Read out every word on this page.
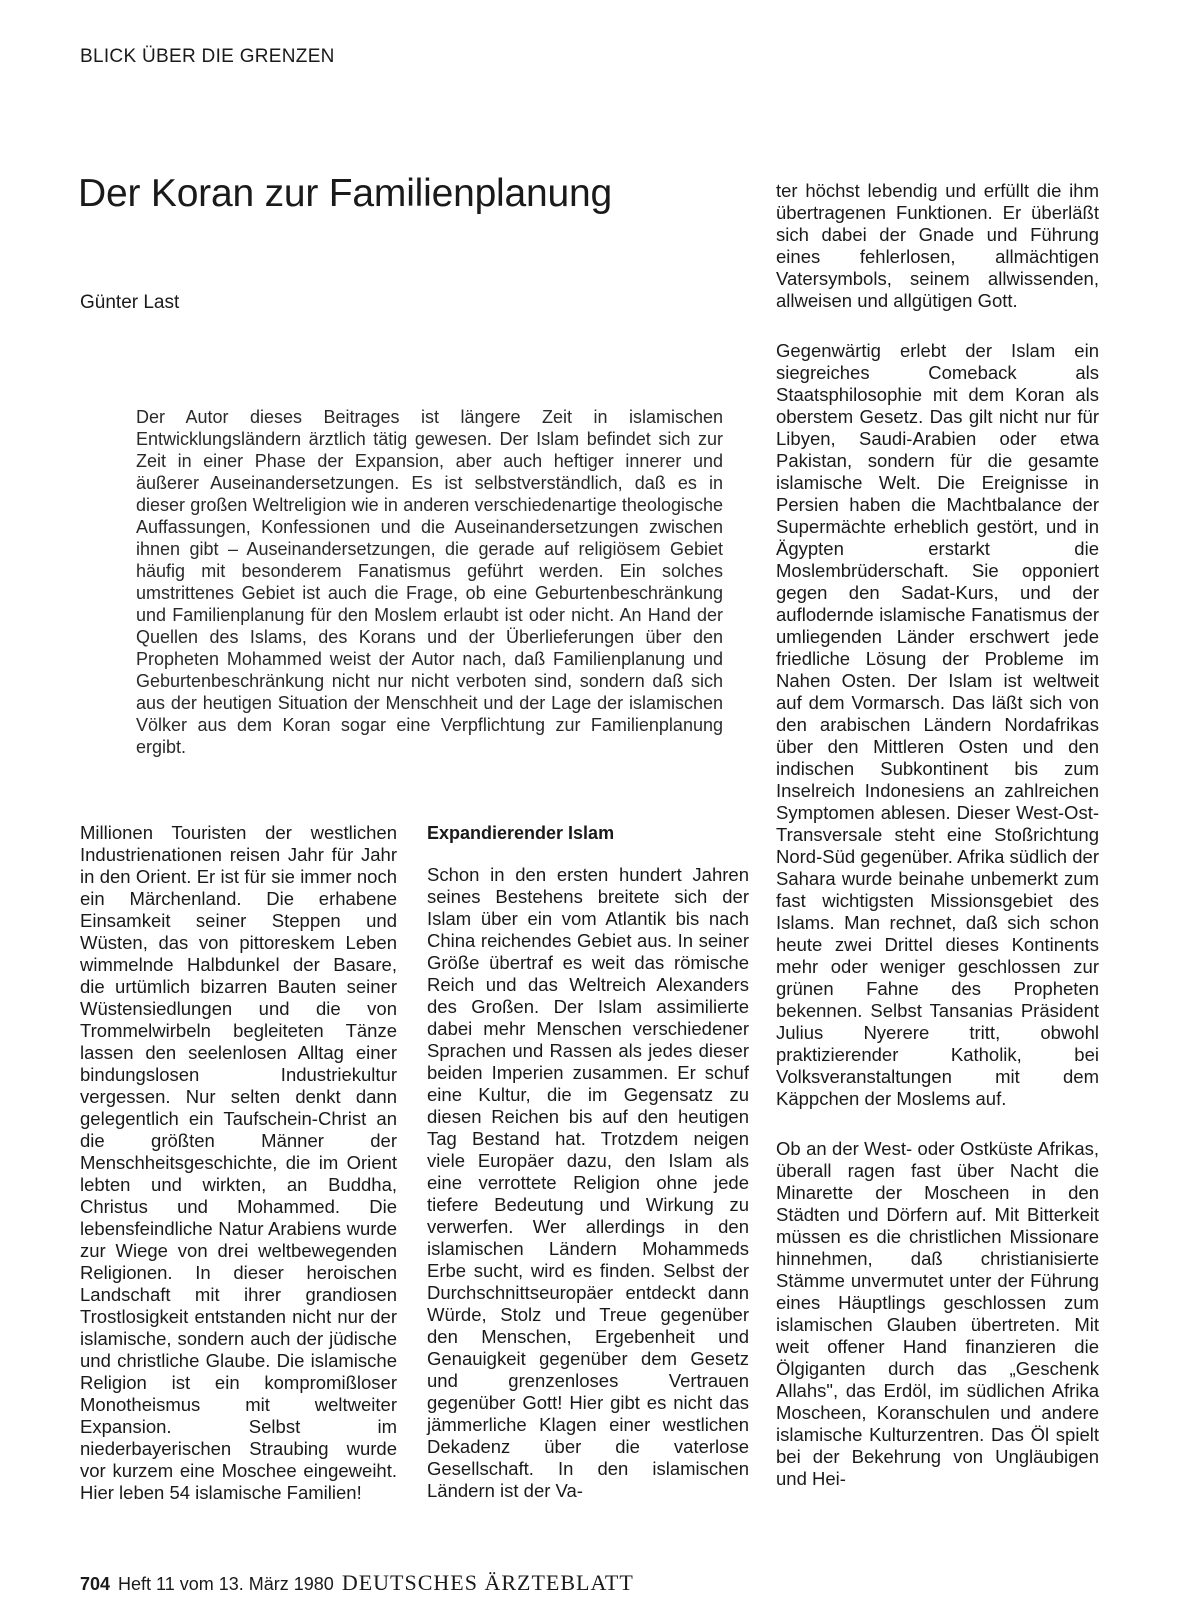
BLICK ÜBER DIE GRENZEN
Der Koran zur Familienplanung
Günter Last
Der Autor dieses Beitrages ist längere Zeit in islamischen Entwicklungsländern ärztlich tätig gewesen. Der Islam befindet sich zur Zeit in einer Phase der Expansion, aber auch heftiger innerer und äußerer Auseinandersetzungen. Es ist selbstverständlich, daß es in dieser großen Weltreligion wie in anderen verschiedenartige theologische Auffassungen, Konfessionen und die Auseinandersetzungen zwischen ihnen gibt – Auseinandersetzungen, die gerade auf religiösem Gebiet häufig mit besonderem Fanatismus geführt werden. Ein solches umstrittenes Gebiet ist auch die Frage, ob eine Geburtenbeschränkung und Familienplanung für den Moslem erlaubt ist oder nicht. An Hand der Quellen des Islams, des Korans und der Überlieferungen über den Propheten Mohammed weist der Autor nach, daß Familienplanung und Geburtenbeschränkung nicht nur nicht verboten sind, sondern daß sich aus der heutigen Situation der Menschheit und der Lage der islamischen Völker aus dem Koran sogar eine Verpflichtung zur Familienplanung ergibt.

Millionen Touristen der westlichen Industrienationen reisen Jahr für Jahr in den Orient. Er ist für sie immer noch ein Märchenland. Die erhabene Einsamkeit seiner Steppen und Wüsten, das von pittoreskem Leben wimmelnde Halbdunkel der Basare, die urtümlich bizarren Bauten seiner Wüstensiedlungen und die von Trommelwirbeln begleiteten Tänze lassen den seelenlosen Alltag einer bindungslosen Industriekultur vergessen. Nur selten denkt dann gelegentlich ein Taufschein-Christ an die größten Männer der Menschheitsgeschichte, die im Orient lebten und wirkten, an Buddha, Christus und Mohammed. Die lebensfeindliche Natur Arabiens wurde zur Wiege von drei weltbewegenden Religionen. In dieser heroischen Landschaft mit ihrer grandiosen Trostlosigkeit entstanden nicht nur der islamische, sondern auch der jüdische und christliche Glaube. Die islamische Religion ist ein kompromißloser Monotheismus mit weltweiter Expansion. Selbst im niederbayerischen Straubing wurde vor kurzem eine Moschee eingeweiht. Hier leben 54 islamische Familien!

Expandierender Islam

Schon in den ersten hundert Jahren seines Bestehens breitete sich der Islam über ein vom Atlantik bis nach China reichendes Gebiet aus. In seiner Größe übertraf es weit das römische Reich und das Weltreich Alexanders des Großen. Der Islam assimilierte dabei mehr Menschen verschiedener Sprachen und Rassen als jedes dieser beiden Imperien zusammen. Er schuf eine Kultur, die im Gegensatz zu diesen Reichen bis auf den heutigen Tag Bestand hat. Trotzdem neigen viele Europäer dazu, den Islam als eine verrottete Religion ohne jede tiefere Bedeutung und Wirkung zu verwerfen. Wer allerdings in den islamischen Ländern Mohammeds Erbe sucht, wird es finden. Selbst der Durchschnittseuropäer entdeckt dann Würde, Stolz und Treue gegenüber den Menschen, Ergebenheit und Genauigkeit gegenüber dem Gesetz und grenzenloses Vertrauen gegenüber Gott! Hier gibt es nicht das jämmerliche Klagen einer westlichen Dekadenz über die vaterlose Gesellschaft. In den islamischen Ländern ist der Va-

ter höchst lebendig und erfüllt die ihm übertragenen Funktionen. Er überläßt sich dabei der Gnade und Führung eines fehlerlosen, allmächtigen Vatersymbols, seinem allwissenden, allweisen und allgütigen Gott.

Gegenwärtig erlebt der Islam ein siegreiches Comeback als Staatsphilosophie mit dem Koran als oberstem Gesetz. Das gilt nicht nur für Libyen, Saudi-Arabien oder etwa Pakistan, sondern für die gesamte islamische Welt. Die Ereignisse in Persien haben die Machtbalance der Supermächte erheblich gestört, und in Ägypten erstarkt die Moslembrüderschaft. Sie opponiert gegen den Sadat-Kurs, und der auflodernde islamische Fanatismus der umliegenden Länder erschwert jede friedliche Lösung der Probleme im Nahen Osten. Der Islam ist weltweit auf dem Vormarsch. Das läßt sich von den arabischen Ländern Nordafrikas über den Mittleren Osten und den indischen Subkontinent bis zum Inselreich Indonesiens an zahlreichen Symptomen ablesen. Dieser West-Ost-Transversale steht eine Stoßrichtung Nord-Süd gegenüber. Afrika südlich der Sahara wurde beinahe unbemerkt zum fast wichtigsten Missionsgebiet des Islams. Man rechnet, daß sich schon heute zwei Drittel dieses Kontinents mehr oder weniger geschlossen zur grünen Fahne des Propheten bekennen. Selbst Tansanias Präsident Julius Nyerere tritt, obwohl praktizierender Katholik, bei Volksveranstaltungen mit dem Käppchen der Moslems auf.

Ob an der West- oder Ostküste Afrikas, überall ragen fast über Nacht die Minarette der Moscheen in den Städten und Dörfern auf. Mit Bitterkeit müssen es die christlichen Missionare hinnehmen, daß christianisierte Stämme unvermutet unter der Führung eines Häuptlings geschlossen zum islamischen Glauben übertreten. Mit weit offener Hand finanzieren die Ölgiganten durch das „Geschenk Allahs", das Erdöl, im südlichen Afrika Moscheen, Koranschulen und andere islamische Kulturzentren. Das Öl spielt bei der Bekehrung von Ungläubigen und Hei-

704 Heft 11 vom 13. März 1980 DEUTSCHES ÄRZTEBLATT
